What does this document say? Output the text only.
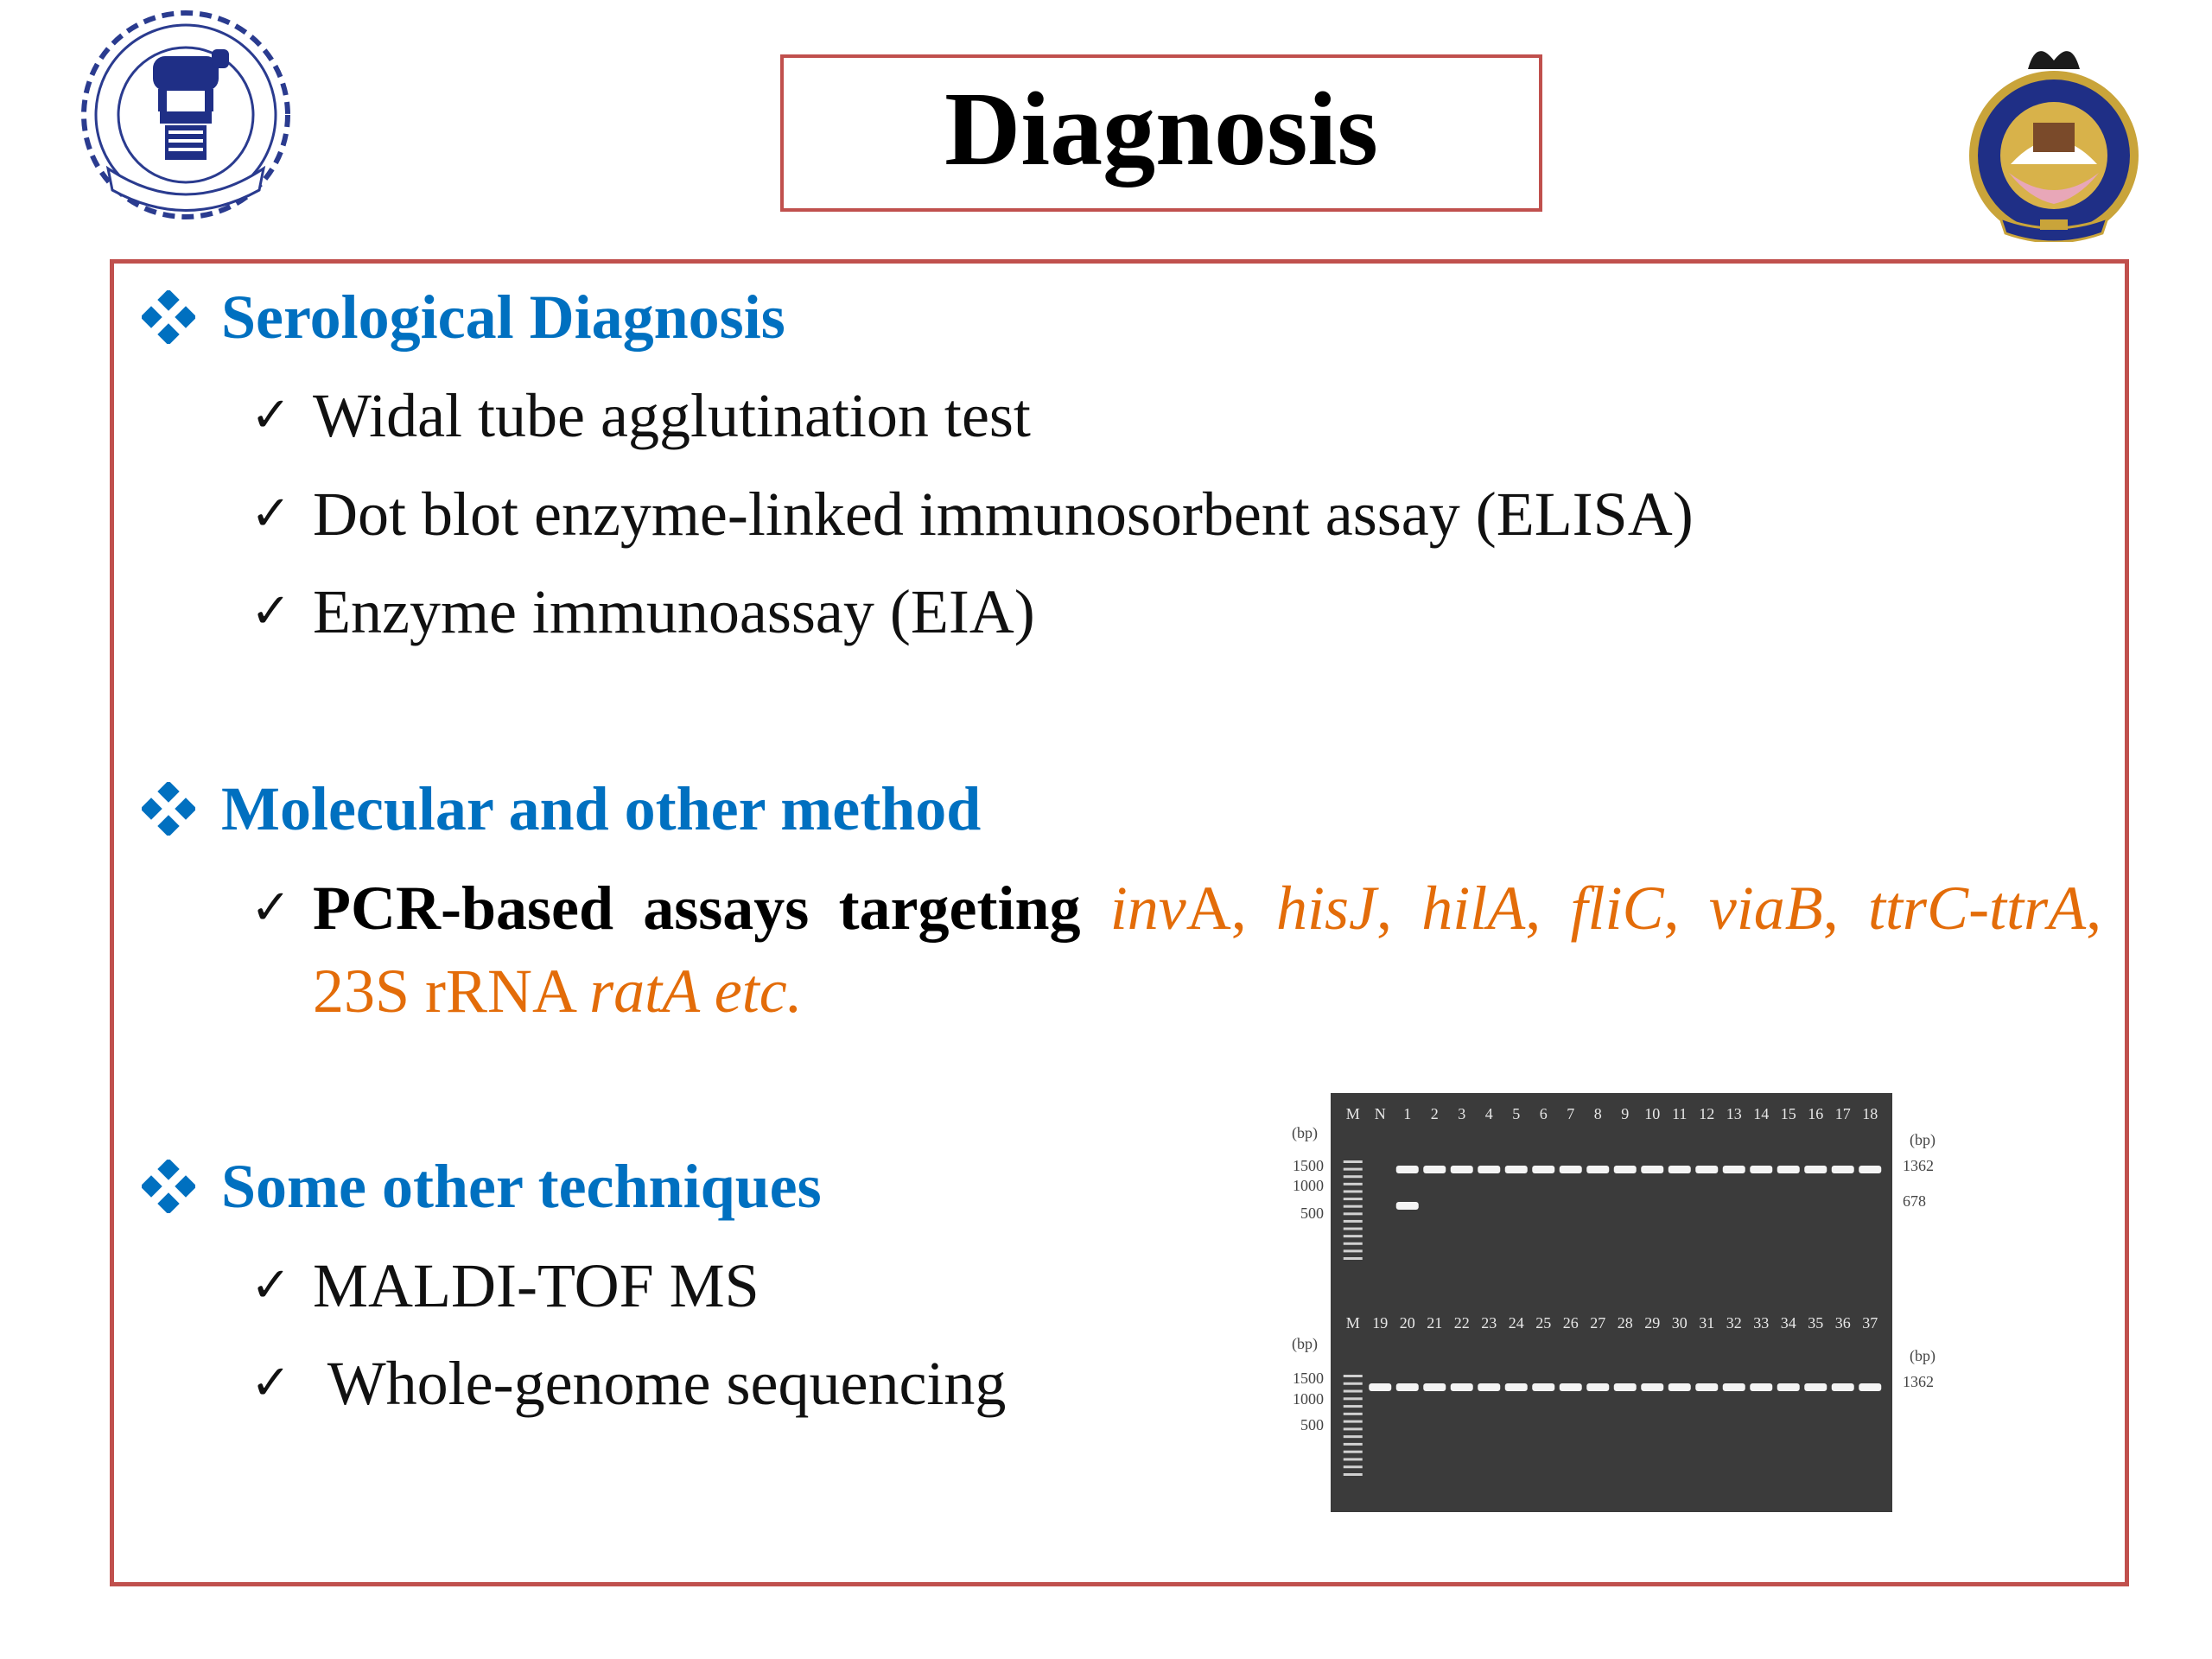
Diagnosis
Serological Diagnosis
✓ Widal tube agglutination test
✓ Dot blot enzyme-linked immunosorbent assay (ELISA)
✓ Enzyme immunoassay (EIA)
Molecular and other method
✓ PCR-based assays targeting invA, hisJ, hilA, fliC, viaB, ttrC-ttrA, 23S rRNA ratA etc.
Some other techniques
✓ MALDI-TOF MS
✓ Whole-genome sequencing
M N 1 2 3 4 5 6 7 8 9 10 11 12 13 14 15 16 17 18
(bp)
1500
1000
500
(bp)
1362
678
M 19 20 21 22 23 24 25 26 27 28 29 30 31 32 33 34 35 36 37
(bp)
1500
1000
500
(bp)
1362
